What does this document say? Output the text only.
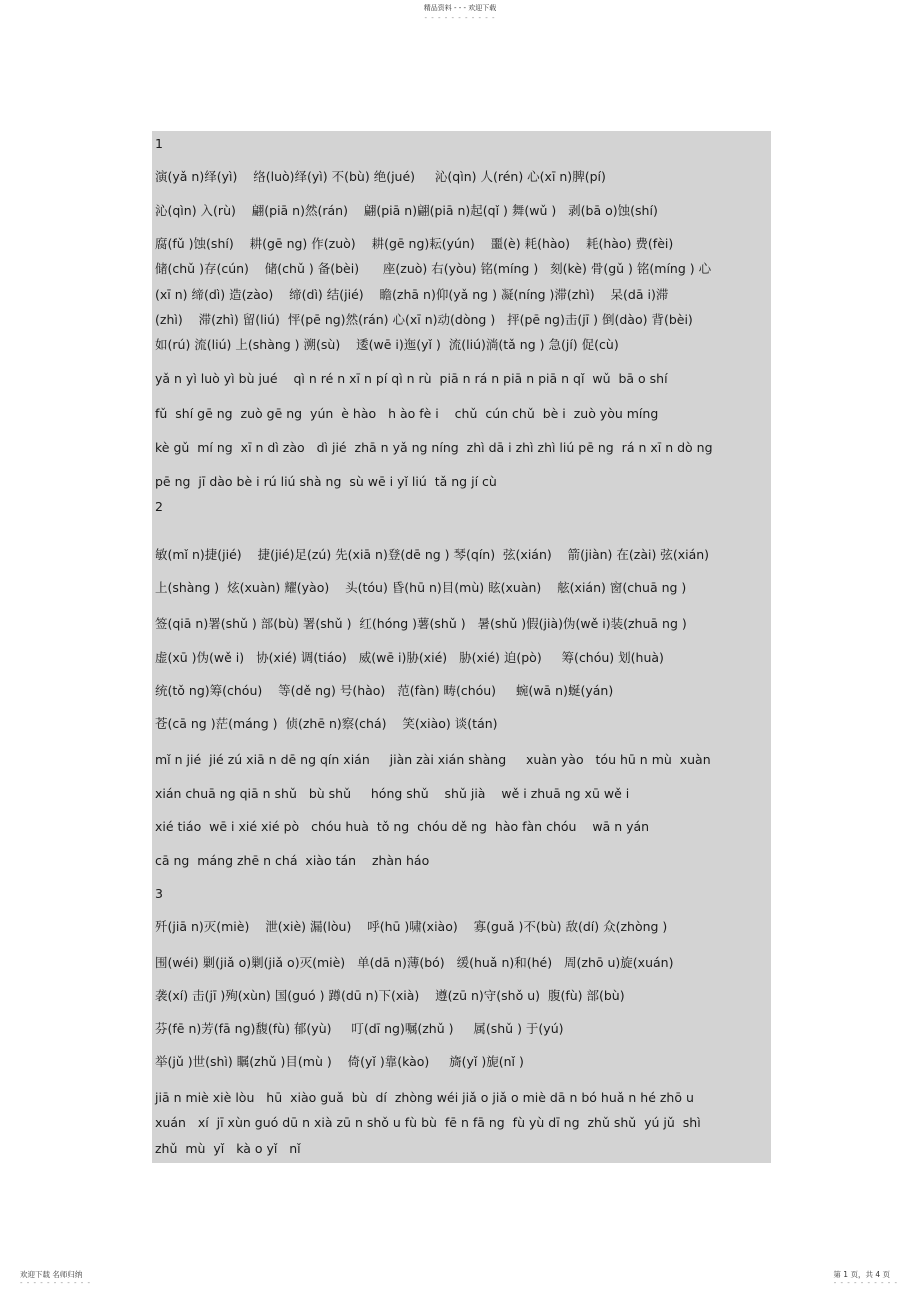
精品资料 - - - 欢迎下载
- - - - - - - - - - -
1
演(yǎ n)绎(yì)    络(luò)绎(yì) 不(bù) 绝(jué)     沁(qìn) 人(rén) 心(xī n)脾(pí)
沁(qìn) 入(rù)    翩(piā n)然(rán)    翩(piā n)翩(piā n)起(qǐ ) 舞(wǔ )   剥(bā o)蚀(shí)
腐(fǔ )蚀(shí)    耕(gē ng) 作(zuò)    耕(gē ng)耘(yún)    噩(è) 耗(hào)    耗(hào) 费(fèi)
储(chǔ )存(cún)    储(chǔ ) 备(bèi)      座(zuò) 右(yòu) 铭(míng )   刻(kè) 骨(gǔ ) 铭(míng ) 心
(xī n) 缔(dì) 造(zào)    缔(dì) 结(jié)    瞻(zhā n)仰(yǎ ng ) 凝(níng )滞(zhì)    呆(dā i)滞
(zhì)    滞(zhì) 留(liú)  怦(pē ng)然(rán) 心(xī n)动(dòng )   抨(pē ng)击(jī ) 倒(dào) 背(bèi)
如(rú) 流(liú) 上(shàng ) 溯(sù)    逶(wē i)迤(yǐ )  流(liú)淌(tǎ ng ) 急(jí) 促(cù)
yǎ n yì luò yì bù jué    qì n ré n xī n pí qì n rù  piā n rá n piā n piā n qǐ  wǔ  bā o shí
fǔ  shí gē ng  zuò gē ng  yún  è hào   h ào fè i    chǔ  cún chǔ  bè i  zuò yòu míng
kè gǔ  mí ng  xī n dì zào   dì jié  zhā n yǎ ng níng  zhì dā i zhì zhì liú pē ng  rá n xī n dò ng
pē ng  jī dào bè i rú liú shà ng  sù wē i yǐ liú  tǎ ng jí cù
2
敏(mǐ n)捷(jié)    捷(jié)足(zú) 先(xiā n)登(dē ng ) 琴(qín)  弦(xián)    箭(jiàn) 在(zài) 弦(xián)
上(shàng )  炫(xuàn) 耀(yào)    头(tóu) 昏(hū n)目(mù) 眩(xuàn)    舷(xián) 窗(chuā ng )
签(qiā n)署(shǔ ) 部(bù) 署(shǔ )  红(hóng )薯(shǔ )   暑(shǔ )假(jià)伪(wě i)装(zhuā ng )
虚(xū )伪(wě i)   协(xié) 调(tiáo)   威(wē i)胁(xié)   胁(xié) 迫(pò)     筹(chóu) 划(huà)
统(tǒ ng)筹(chóu)    等(dě ng) 号(hào)   范(fàn) 畴(chóu)     蜿(wā n)蜒(yán)
苍(cā ng )茫(máng )  侦(zhē n)察(chá)    笑(xiào) 谈(tán)
mǐ n jié  jié zú xiā n dē ng qín xián     jiàn zài xián shàng     xuàn yào   tóu hū n mù  xuàn
xián chuā ng qiā n shǔ   bù shǔ     hóng shǔ    shǔ jià    wě i zhuā ng xū wě i
xié tiáo  wē i xié xié pò   chóu huà  tǒ ng  chóu dě ng  hào fàn chóu    wā n yán
cā ng  máng zhē n chá  xiào tán    zhàn háo
3
歼(jiā n)灭(miè)    泄(xiè) 漏(lòu)    呼(hū )啸(xiào)    寡(guǎ )不(bù) 敌(dí) 众(zhòng )
围(wéi) 剿(jiǎ o)剿(jiǎ o)灭(miè)   单(dā n)薄(bó)   缓(huǎ n)和(hé)   周(zhō u)旋(xuán)
袭(xí) 击(jī )殉(xùn) 国(guó ) 蹲(dū n)下(xià)    遵(zū n)守(shǒ u)  腹(fù) 部(bù)
芬(fē n)芳(fā ng)馥(fù) 郁(yù)     叮(dī ng)嘱(zhǔ )     属(shǔ ) 于(yú)
举(jǔ )世(shì) 瞩(zhǔ )目(mù )    倚(yǐ )靠(kào)     旖(yǐ )旎(nǐ )
jiā n miè xiè lòu   hū  xiào guǎ  bù  dí  zhòng wéi jiǎ o jiǎ o miè dā n bó huǎ n hé zhō u
xuán   xí  jī xùn guó dū n xià zū n shǒ u fù bù  fē n fā ng  fù yù dī ng  zhǔ shǔ  yú jǔ  shì
zhǔ  mù  yǐ   kà o yǐ   nǐ
欢迎下载 名师归纳	第 1 页，共 4 页
- - - - - - - - - - -	- - - - - - - - - -
